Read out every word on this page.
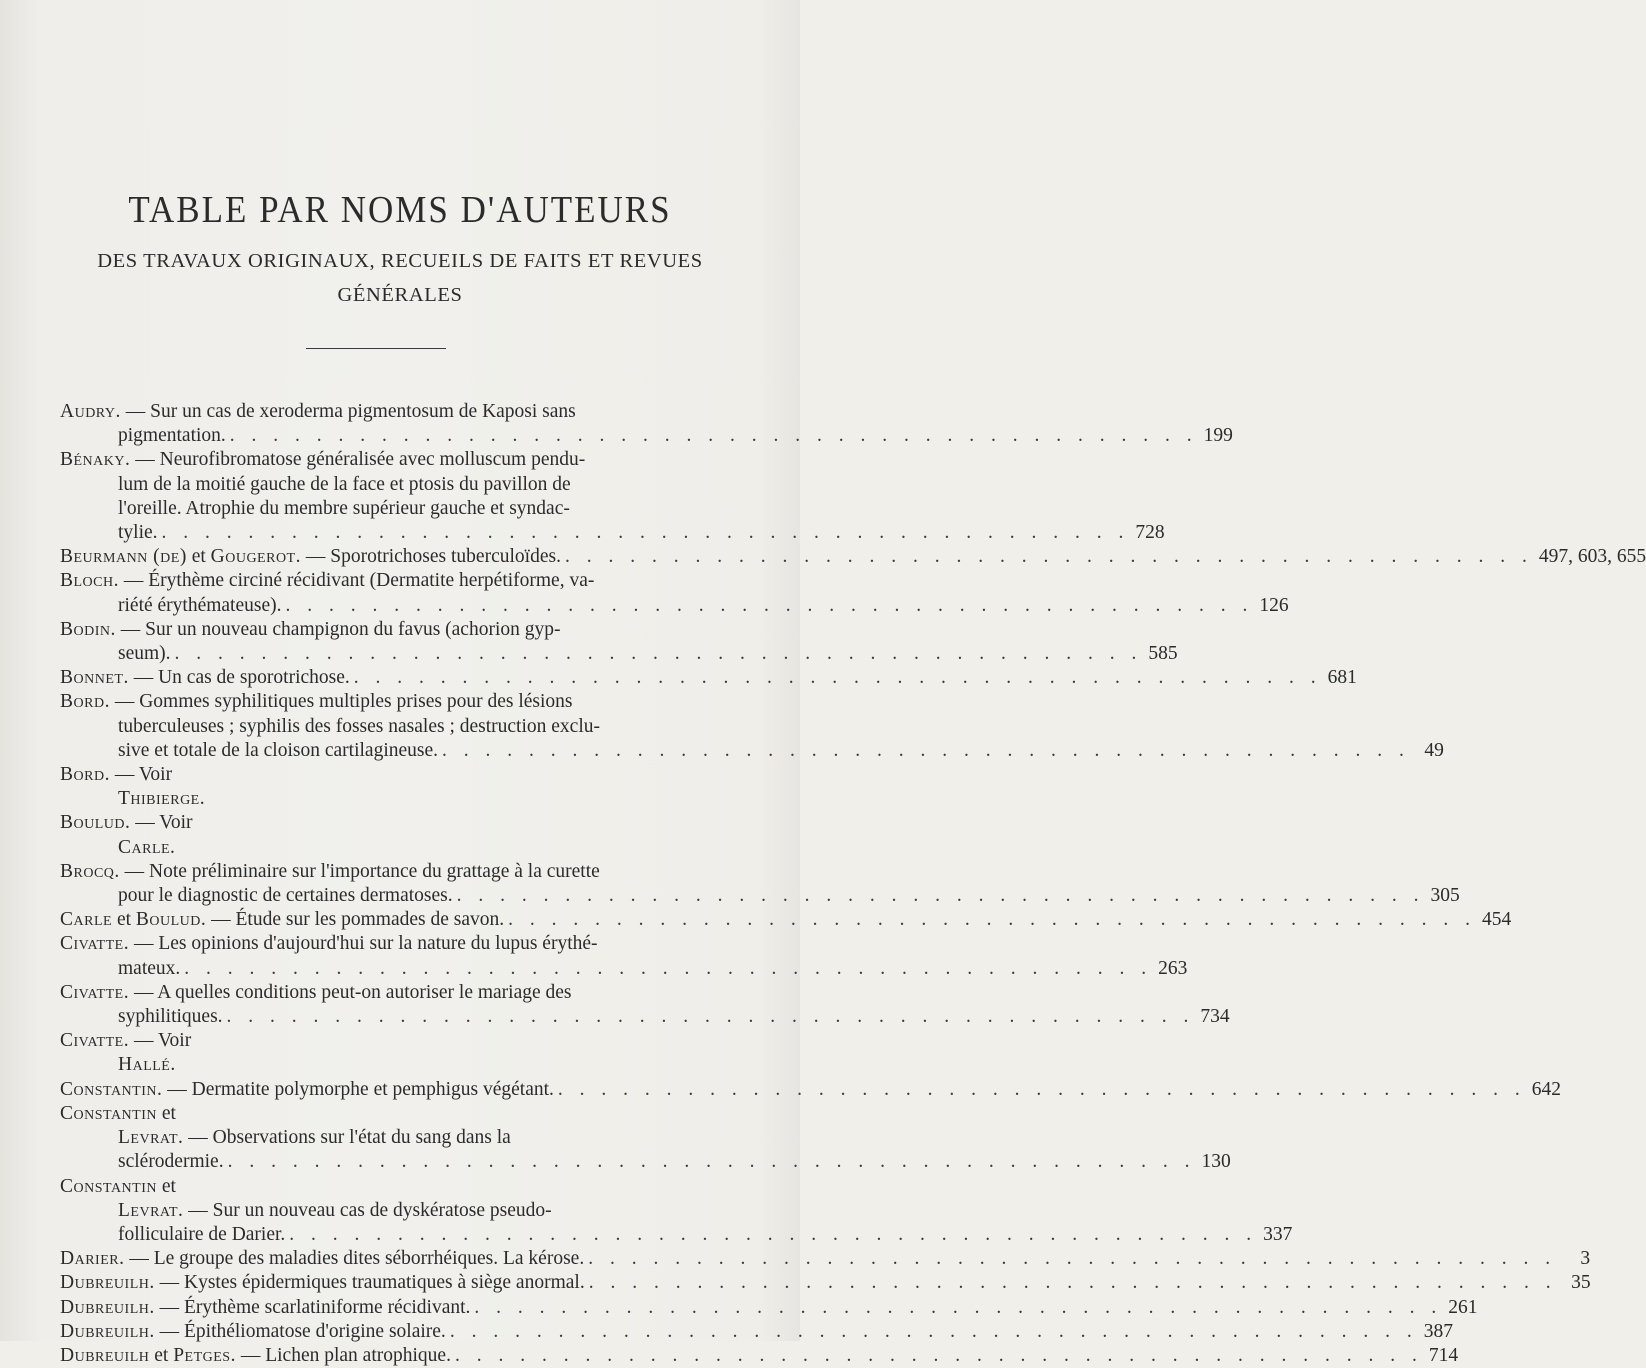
TABLE PAR NOMS D'AUTEURS
DES TRAVAUX ORIGINAUX, RECUEILS DE FAITS ET REVUES GÉNÉRALES
Audry. — Sur un cas de xeroderma pigmentosum de Kaposi sans
pigmentation. . . . . . . . . . . . . . . . . . . . . . . . . . . . . . . . . . . . . . . . . . . . . . 199
Bénaky. — Neurofibromatose généralisée avec molluscum pendu-
lum de la moitié gauche de la face et ptosis du pavillon de
l'oreille. Atrophie du membre supérieur gauche et syndac-
tylie. . . . . . . . . . . . . . . . . . . . . . . . . . . . . . . . . . . . . . . . . . . . . . 728
Beurmann (de) et Gougerot. — Sporotrichoses tuberculoïdes. . . . . . . . . . . . . . . . . . . . . . . . . . . . . . . . . . . . . . . . . . . . . . 497, 603, 655
Bloch. — Érythème circiné récidivant (Dermatite herpétiforme, va-
riété érythémateuse). . . . . . . . . . . . . . . . . . . . . . . . . . . . . . . . . . . . . . . . . . . . . . 126
Bodin. — Sur un nouveau champignon du favus (achorion gyp-
seum). . . . . . . . . . . . . . . . . . . . . . . . . . . . . . . . . . . . . . . . . . . . . . 585
Bonnet. — Un cas de sporotrichose. . . . . . . . . . . . . . . . . . . . . . . . . . . . . . . . . . . . . . . . . . . . . . 681
Bord. — Gommes syphilitiques multiples prises pour des lésions
tuberculeuses ; syphilis des fosses nasales ; destruction exclu-
sive et totale de la cloison cartilagineuse. . . . . . . . . . . . . . . . . . . . . . . . . . . . . . . . . . . . . . . . . . . . . . 49
Bord. — Voir
Thibierge.
Boulud. — Voir
Carle.
Brocq. — Note préliminaire sur l'importance du grattage à la curette
pour le diagnostic de certaines dermatoses. . . . . . . . . . . . . . . . . . . . . . . . . . . . . . . . . . . . . . . . . . . . . . 305
Carle et Boulud. — Étude sur les pommades de savon. . . . . . . . . . . . . . . . . . . . . . . . . . . . . . . . . . . . . . . . . . . . . . 454
Civatte. — Les opinions d'aujourd'hui sur la nature du lupus érythé-
mateux. . . . . . . . . . . . . . . . . . . . . . . . . . . . . . . . . . . . . . . . . . . . . . 263
Civatte. — A quelles conditions peut-on autoriser le mariage des
syphilitiques. . . . . . . . . . . . . . . . . . . . . . . . . . . . . . . . . . . . . . . . . . . . . . 734
Civatte. — Voir
Hallé.
Constantin. — Dermatite polymorphe et pemphigus végétant. . . . . . . . . . . . . . . . . . . . . . . . . . . . . . . . . . . . . . . . . . . . . . 642
Constantin et
Levrat. — Observations sur l'état du sang dans la
sclérodermie. . . . . . . . . . . . . . . . . . . . . . . . . . . . . . . . . . . . . . . . . . . . . . 130
Constantin et
Levrat. — Sur un nouveau cas de dyskératose pseudo-
folliculaire de Darier. . . . . . . . . . . . . . . . . . . . . . . . . . . . . . . . . . . . . . . . . . . . . . 337
Darier. — Le groupe des maladies dites séborrhéiques. La kérose. . . . . . . . . . . . . . . . . . . . . . . . . . . . . . . . . . . . . . . . . . . . . .	3
Dubreuilh. — Kystes épidermiques traumatiques à siège anormal. . . . . . . . . . . . . . . . . . . . . . . . . . . . . . . . . . . . . . . . . . . . . . 35
Dubreuilh. — Érythème scarlatiniforme récidivant. . . . . . . . . . . . . . . . . . . . . . . . . . . . . . . . . . . . . . . . . . . . . . 261
Dubreuilh. — Épithéliomatose d'origine solaire. . . . . . . . . . . . . . . . . . . . . . . . . . . . . . . . . . . . . . . . . . . . . . 387
Dubreuilh et Petges. — Lichen plan atrophique. . . . . . . . . . . . . . . . . . . . . . . . . . . . . . . . . . . . . . . . . . . . . . 714
